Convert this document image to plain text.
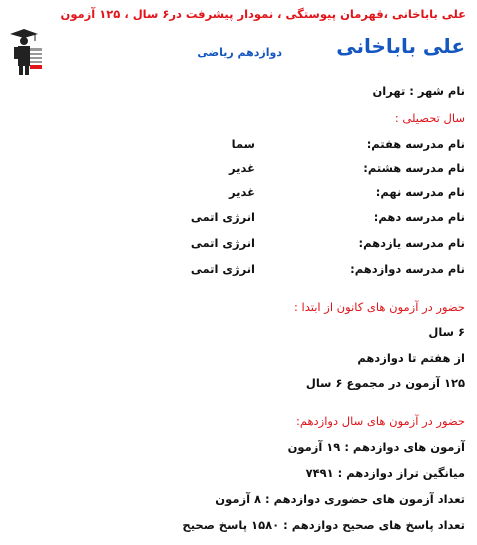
علی باباخانی ،قهرمان پیوستگی ، نمودار پیشرفت در۶ سال ، ۱۲۵ آزمون
علی باباخانی
دوازدهم ریاضی
نام شهر : تهران
سال تحصیلی :
نام مدرسه هفتم:
سما
نام مدرسه هشتم:
غدیر
نام مدرسه نهم:
غدیر
نام مدرسه دهم:
انرژی اتمی
نام مدرسه یازدهم:
انرژی اتمی
نام مدرسه دوازدهم:
انرژی اتمی
حضور در آزمون های کانون از ابتدا :
۶ سال
از هفتم تا دوازدهم
۱۲۵ آزمون در مجموع ۶ سال
حضور در آزمون های سال دوازدهم:
آزمون های دوازدهم : ۱۹ آزمون
میانگین تراز دوازدهم : ۷۴۹۱
تعداد آزمون های حضوری دوازدهم : ۸ آزمون
تعداد پاسخ های صحیح دوازدهم : ۱۵۸۰ پاسخ صحیح
